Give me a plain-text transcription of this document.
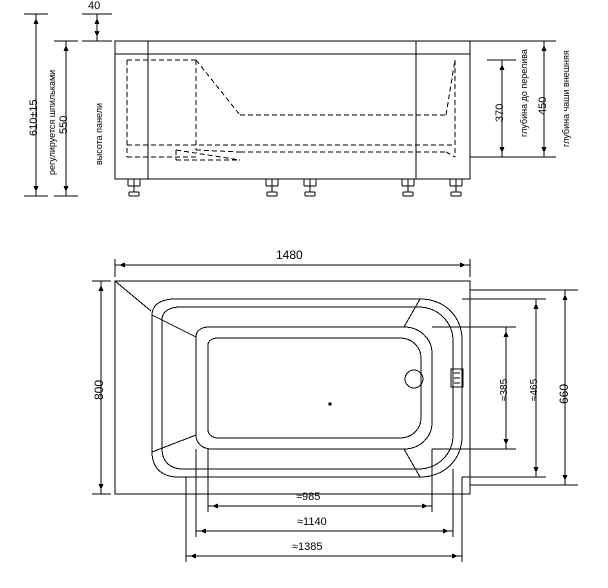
40
610±15 550
370	450
регулируется шпильками	высота панели	глубина до перелива	глубина чаши внешняя
1480
800	660
≈465
≈385
≈985
≈1140
≈1385
